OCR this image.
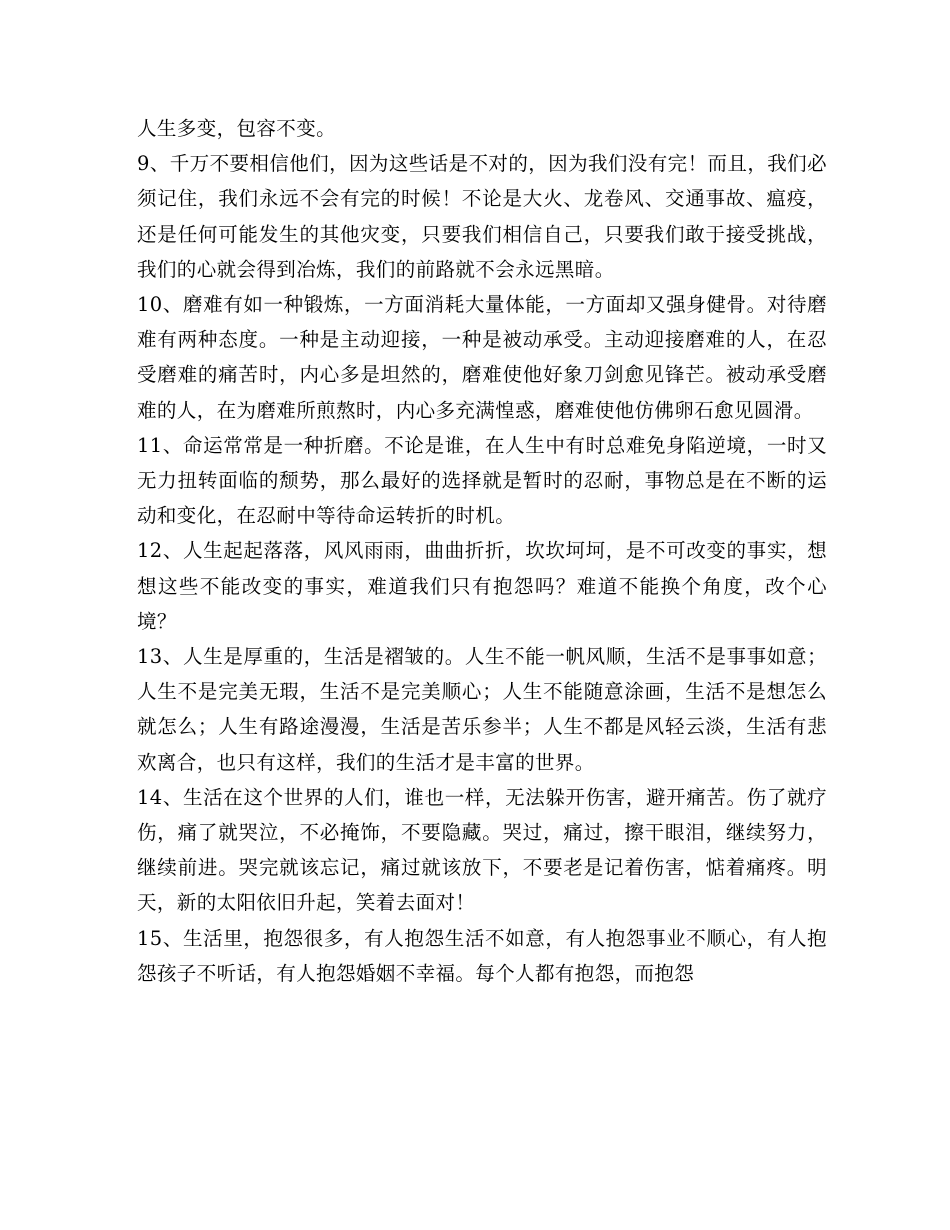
人生多变，包容不变。

9、千万不要相信他们，因为这些话是不对的，因为我们没有完！而且，我们必须记住，我们永远不会有完的时候！不论是大火、龙卷风、交通事故、瘟疫，还是任何可能发生的其他灾变，只要我们相信自己，只要我们敢于接受挑战，我们的心就会得到冶炼，我们的前路就不会永远黑暗。

10、磨难有如一种锻炼，一方面消耗大量体能，一方面却又强身健骨。对待磨难有两种态度。一种是主动迎接，一种是被动承受。主动迎接磨难的人，在忍受磨难的痛苦时，内心多是坦然的，磨难使他好象刀剑愈见锋芒。被动承受磨难的人，在为磨难所煎熬时，内心多充满惶惑，磨难使他仿佛卵石愈见圆滑。

11、命运常常是一种折磨。不论是谁，在人生中有时总难免身陷逆境，一时又无力扭转面临的颓势，那么最好的选择就是暂时的忍耐，事物总是在不断的运动和变化，在忍耐中等待命运转折的时机。

12、人生起起落落，风风雨雨，曲曲折折，坎坎坷坷，是不可改变的事实，想想这些不能改变的事实，难道我们只有抱怨吗？难道不能换个角度，改个心境？

13、人生是厚重的，生活是褶皱的。人生不能一帆风顺，生活不是事事如意；人生不是完美无瑕，生活不是完美顺心；人生不能随意涂画，生活不是想怎么就怎么；人生有路途漫漫，生活是苦乐参半；人生不都是风轻云淡，生活有悲欢离合，也只有这样，我们的生活才是丰富的世界。

14、生活在这个世界的人们，谁也一样，无法躲开伤害，避开痛苦。伤了就疗伤，痛了就哭泣，不必掩饰，不要隐藏。哭过，痛过，擦干眼泪，继续努力，继续前进。哭完就该忘记，痛过就该放下，不要老是记着伤害，惦着痛疼。明天，新的太阳依旧升起，笑着去面对！

15、生活里，抱怨很多，有人抱怨生活不如意，有人抱怨事业不顺心，有人抱怨孩子不听话，有人抱怨婚姻不幸福。每个人都有抱怨，而抱怨
